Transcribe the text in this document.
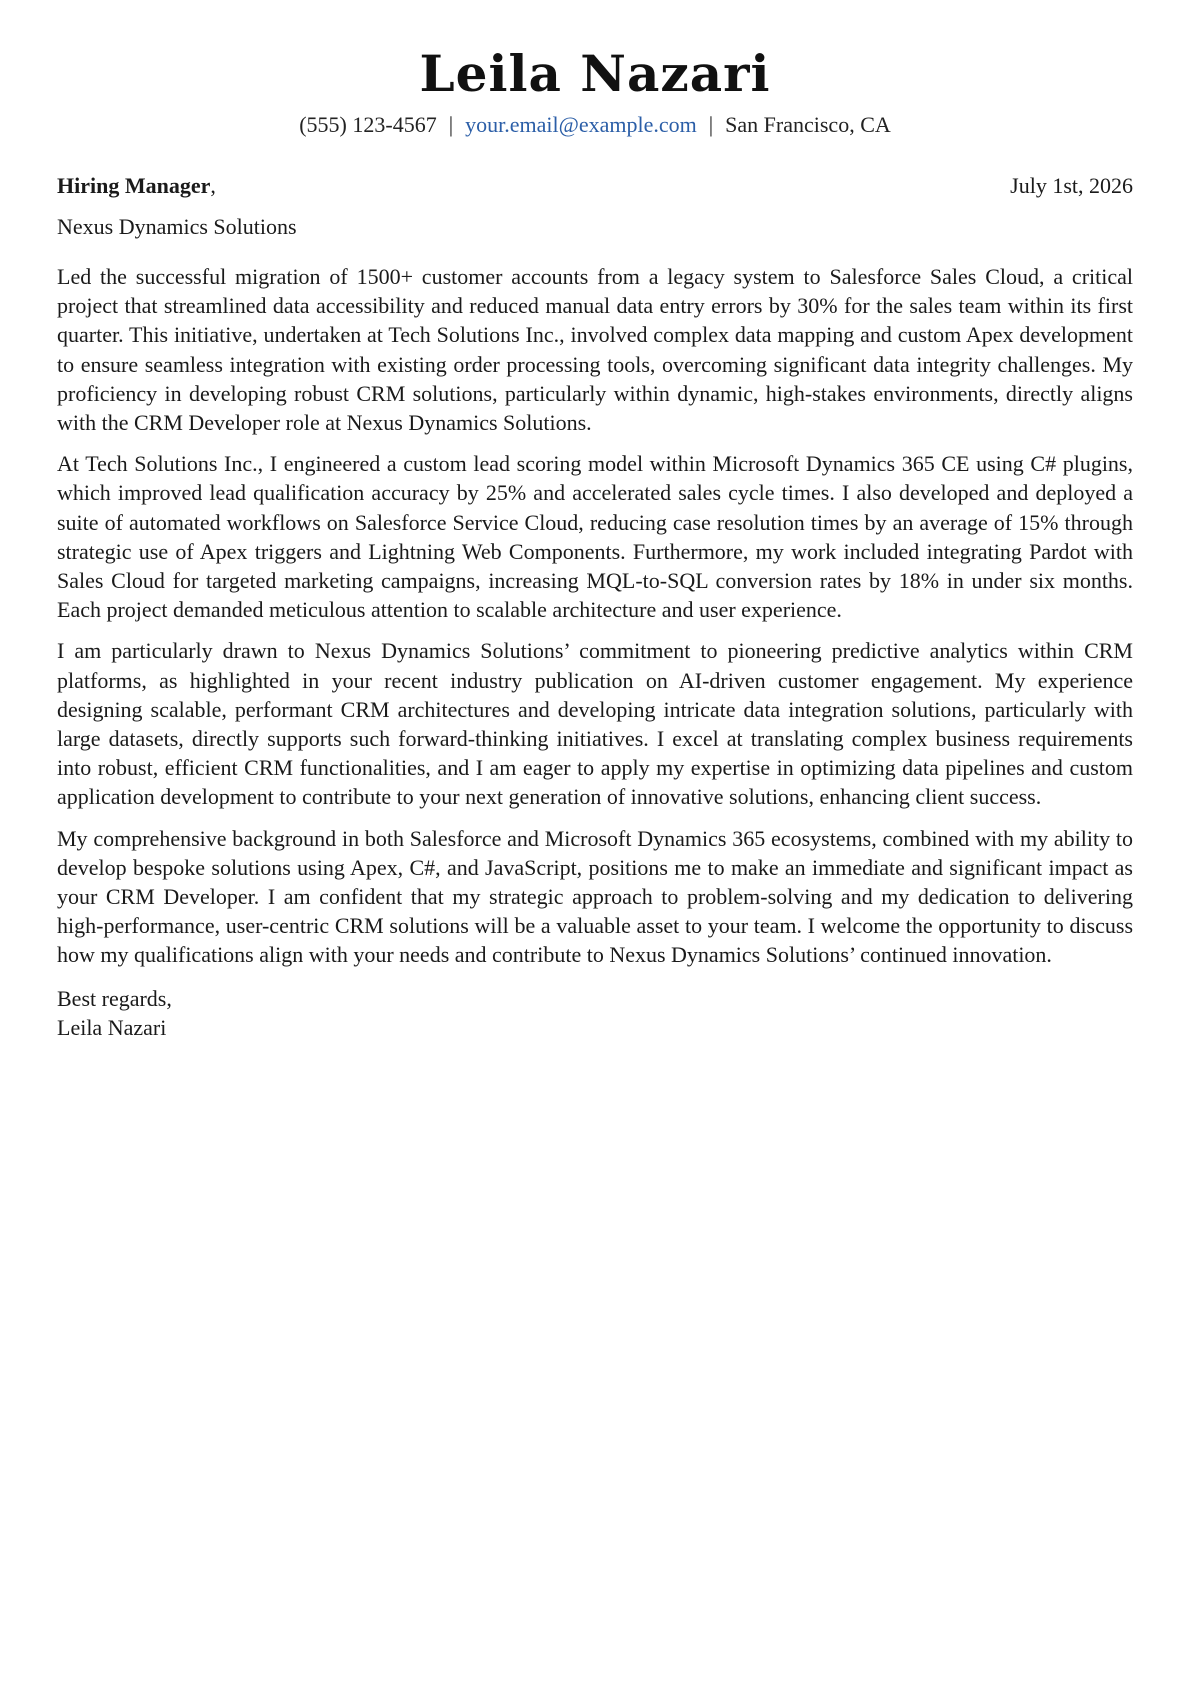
Leila Nazari
(555) 123-4567 | your.email@example.com | San Francisco, CA
Hiring Manager,	July 1st, 2026
Nexus Dynamics Solutions

Led the successful migration of 1500+ customer accounts from a legacy system to Salesforce Sales Cloud, a critical project that streamlined data accessibility and reduced manual data entry errors by 30% for the sales team within its first quarter. This initiative, undertaken at Tech Solutions Inc., involved complex data mapping and custom Apex development to ensure seamless integration with existing order processing tools, overcoming significant data integrity challenges. My proficiency in developing robust CRM solutions, particularly within dynamic, high-stakes environments, directly aligns with the CRM Developer role at Nexus Dynamics Solutions.

At Tech Solutions Inc., I engineered a custom lead scoring model within Microsoft Dynamics 365 CE using C# plugins, which improved lead qualification accuracy by 25% and accelerated sales cycle times. I also developed and deployed a suite of automated workflows on Salesforce Service Cloud, reducing case resolution times by an average of 15% through strategic use of Apex triggers and Lightning Web Components. Furthermore, my work included integrating Pardot with Sales Cloud for targeted marketing campaigns, increasing MQL-to-SQL conversion rates by 18% in under six months. Each project demanded meticulous attention to scalable architecture and user experience.

I am particularly drawn to Nexus Dynamics Solutions’ commitment to pioneering predictive analytics within CRM platforms, as highlighted in your recent industry publication on AI-driven customer engagement. My experience designing scalable, performant CRM architectures and developing intricate data integration solutions, particularly with large datasets, directly supports such forward-thinking initiatives. I excel at translating complex business requirements into robust, efficient CRM functionalities, and I am eager to apply my expertise in optimizing data pipelines and custom application development to contribute to your next generation of innovative solutions, enhancing client success.

My comprehensive background in both Salesforce and Microsoft Dynamics 365 ecosystems, combined with my ability to develop bespoke solutions using Apex, C#, and JavaScript, positions me to make an immediate and significant impact as your CRM Developer. I am confident that my strategic approach to problem-solving and my dedication to delivering high-performance, user-centric CRM solutions will be a valuable asset to your team. I welcome the opportunity to discuss how my qualifications align with your needs and contribute to Nexus Dynamics Solutions’ continued innovation.

Best regards,
Leila Nazari
